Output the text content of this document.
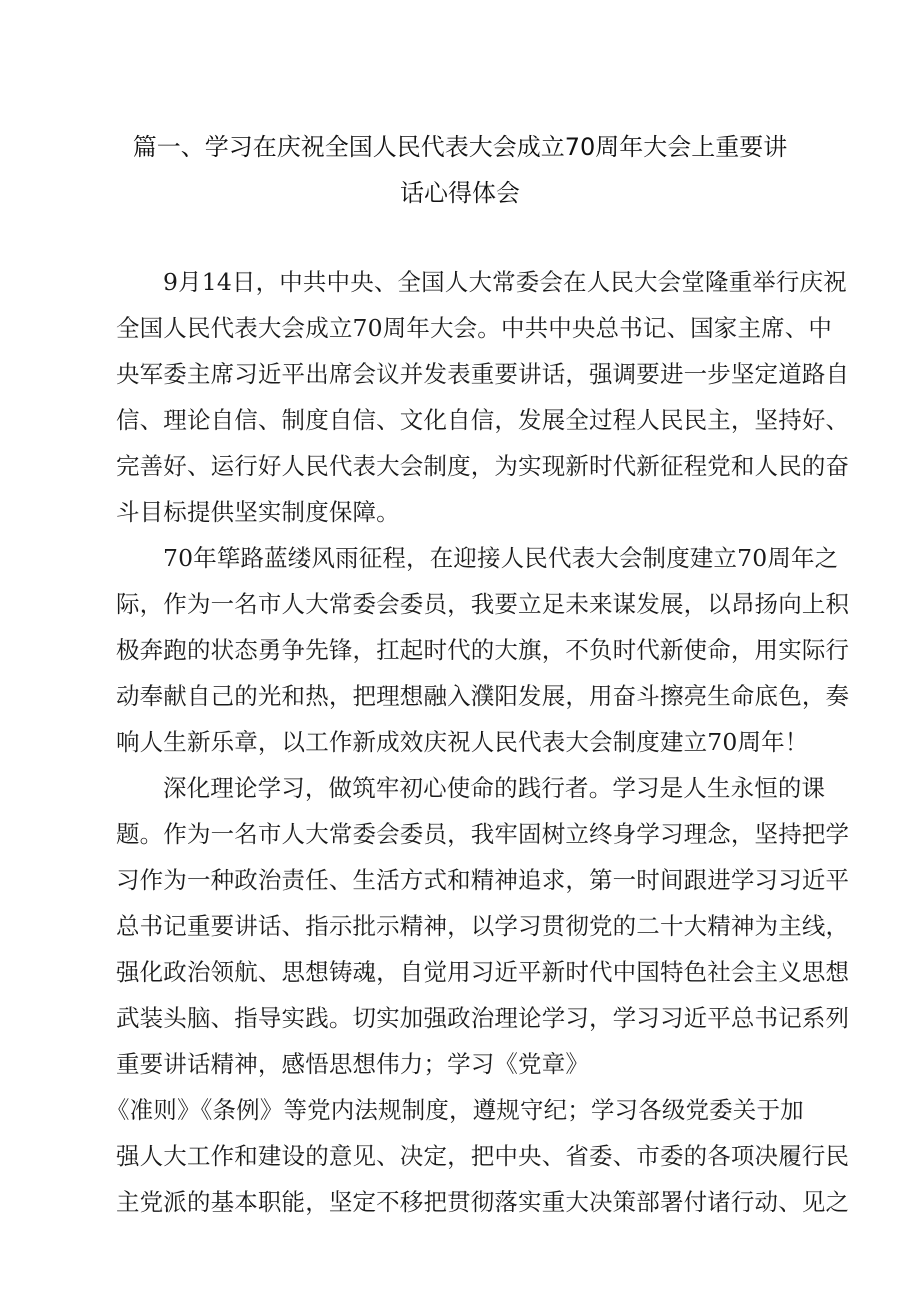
篇一、学习在庆祝全国人民代表大会成立70周年大会上重要讲
话心得体会
9月14日，中共中央、全国人大常委会在人民大会堂隆重举行庆祝
全国人民代表大会成立70周年大会。中共中央总书记、国家主席、中
央军委主席习近平出席会议并发表重要讲话，强调要进一步坚定道路自
信、理论自信、制度自信、文化自信，发展全过程人民民主，坚持好、
完善好、运行好人民代表大会制度，为实现新时代新征程党和人民的奋
斗目标提供坚实制度保障。
70年筚路蓝缕风雨征程，在迎接人民代表大会制度建立70周年之
际，作为一名市人大常委会委员，我要立足未来谋发展，以昂扬向上积
极奔跑的状态勇争先锋，扛起时代的大旗，不负时代新使命，用实际行
动奉献自己的光和热，把理想融入濮阳发展，用奋斗擦亮生命底色，奏
响人生新乐章，以工作新成效庆祝人民代表大会制度建立70周年！
深化理论学习，做筑牢初心使命的践行者。学习是人生永恒的课
题。作为一名市人大常委会委员，我牢固树立终身学习理念，坚持把学
习作为一种政治责任、生活方式和精神追求，第一时间跟进学习习近平
总书记重要讲话、指示批示精神，以学习贯彻党的二十大精神为主线，
强化政治领航、思想铸魂，自觉用习近平新时代中国特色社会主义思想
武装头脑、指导实践。切实加强政治理论学习，学习习近平总书记系列
重要讲话精神，感悟思想伟力；学习《党章》
《准则》《条例》等党内法规制度，遵规守纪；学习各级党委关于加
强人大工作和建设的意见、决定，把中央、省委、市委的各项决履行民
主党派的基本职能，坚定不移把贯彻落实重大决策部署付诸行动、见之
